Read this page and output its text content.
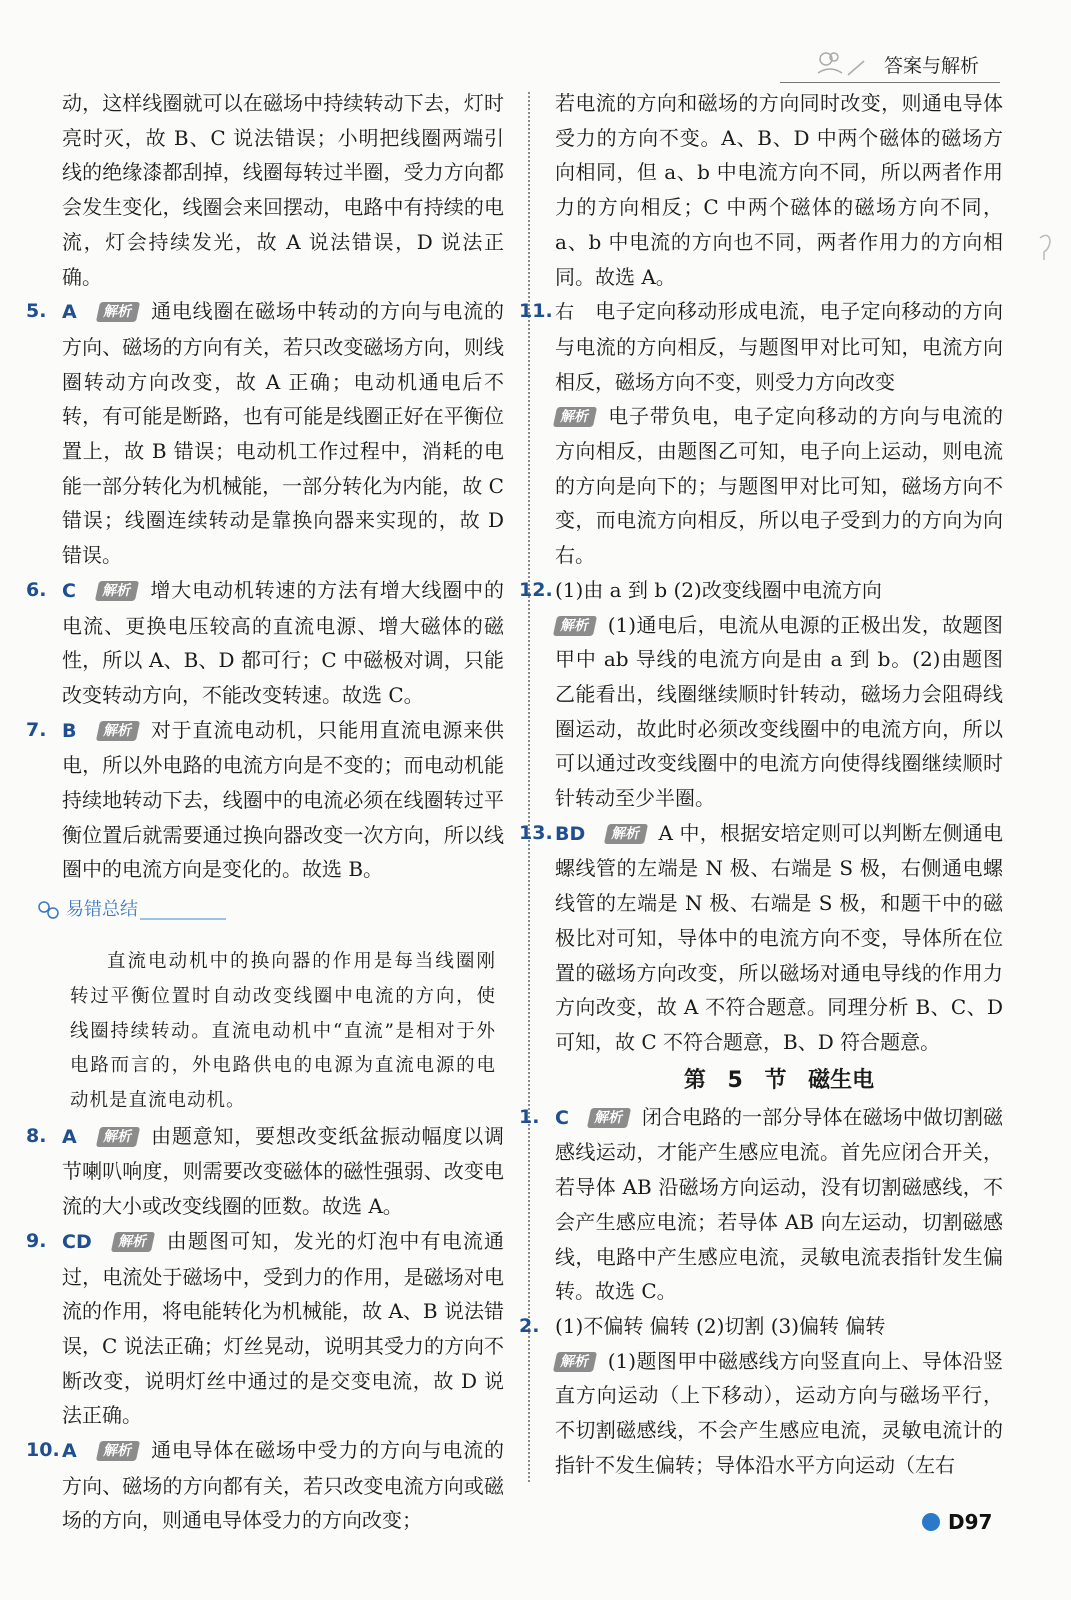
答案与解析

动，这样线圈就可以在磁场中持续转动下去，灯时亮时灭，故 B、C 说法错误；小明把线圈两端引线的绝缘漆都刮掉，线圈每转过半圈，受力方向都会发生变化，线圈会来回摆动，电路中有持续的电流，灯会持续发光，故 A 说法错误，D 说法正确。

5. A 解析 通电线圈在磁场中转动的方向与电流的方向、磁场的方向有关，若只改变磁场方向，则线圈转动方向改变，故 A 正确；电动机通电后不转，有可能是断路，也有可能是线圈正好在平衡位置上，故 B 错误；电动机工作过程中，消耗的电能一部分转化为机械能，一部分转化为内能，故 C 错误；线圈连续转动是靠换向器来实现的，故 D 错误。
6. C 解析 增大电动机转速的方法有增大线圈中的电流、更换电压较高的直流电源、增大磁体的磁性，所以 A、B、D 都可行；C 中磁极对调，只能改变转动方向，不能改变转速。故选 C。
7. B 解析 对于直流电动机，只能用直流电源来供电，所以外电路的电流方向是不变的；而电动机能持续地转动下去，线圈中的电流必须在线圈转过平衡位置后就需要通过换向器改变一次方向，所以线圈中的电流方向是变化的。故选 B。
易错总结
直流电动机中的换向器的作用是每当线圈刚转过平衡位置时自动改变线圈中电流的方向，使线圈持续转动。直流电动机中“直流”是相对于外电路而言的，外电路供电的电源为直流电源的电动机是直流电动机。
8. A 解析 由题意知，要想改变纸盆振动幅度以调节喇叭响度，则需要改变磁体的磁性强弱、改变电流的大小或改变线圈的匝数。故选 A。
9. CD 解析 由题图可知，发光的灯泡中有电流通过，电流处于磁场中，受到力的作用，是磁场对电流的作用，将电能转化为机械能，故 A、B 说法错误，C 说法正确；灯丝晃动，说明其受力的方向不断改变，说明灯丝中通过的是交变电流，故 D 说法正确。
10. A 解析 通电导体在磁场中受力的方向与电流的方向、磁场的方向都有关，若只改变电流方向或磁场的方向，则通电导体受力的方向改变；

若电流的方向和磁场的方向同时改变，则通电导体受力的方向不变。A、B、D 中两个磁体的磁场方向相同，但 a、b 中电流方向不同，所以两者作用力的方向相反；C 中两个磁体的磁场方向不同，a、b 中电流的方向也不同，两者作用力的方向相同。故选 A。

11. 右 电子定向移动形成电流，电子定向移动的方向与电流的方向相反，与题图甲对比可知，电流方向相反，磁场方向不变，则受力方向改变
解析 电子带负电，电子定向移动的方向与电流的方向相反，由题图乙可知，电子向上运动，则电流的方向是向下的；与题图甲对比可知，磁场方向不变，而电流方向相反，所以电子受到力的方向为向右。
12. (1)由 a 到 b (2)改变线圈中电流方向
解析 (1)通电后，电流从电源的正极出发，故题图甲中 ab 导线的电流方向是由 a 到 b。(2)由题图乙能看出，线圈继续顺时针转动，磁场力会阻碍线圈运动，故此时必须改变线圈中的电流方向，所以可以通过改变线圈中的电流方向使得线圈继续顺时针转动至少半圈。
13. BD 解析 A 中，根据安培定则可以判断左侧通电螺线管的左端是 N 极、右端是 S 极，右侧通电螺线管的左端是 N 极、右端是 S 极，和题干中的磁极比对可知，导体中的电流方向不变，导体所在位置的磁场方向改变，所以磁场对通电导线的作用力方向改变，故 A 不符合题意。同理分析 B、C、D 可知，故 C 不符合题意，B、D 符合题意。
第 5 节 磁生电
1. C 解析 闭合电路的一部分导体在磁场中做切割磁感线运动，才能产生感应电流。首先应闭合开关，若导体 AB 沿磁场方向运动，没有切割磁感线，不会产生感应电流；若导体 AB 向左运动，切割磁感线，电路中产生感应电流，灵敏电流表指针发生偏转。故选 C。
2. (1)不偏转 偏转 (2)切割 (3)偏转 偏转
解析 (1)题图甲中磁感线方向竖直向上、导体沿竖直方向运动（上下移动），运动方向与磁场平行，不切割磁感线，不会产生感应电流，灵敏电流计的指针不发生偏转；导体沿水平方向运动（左右
D97
